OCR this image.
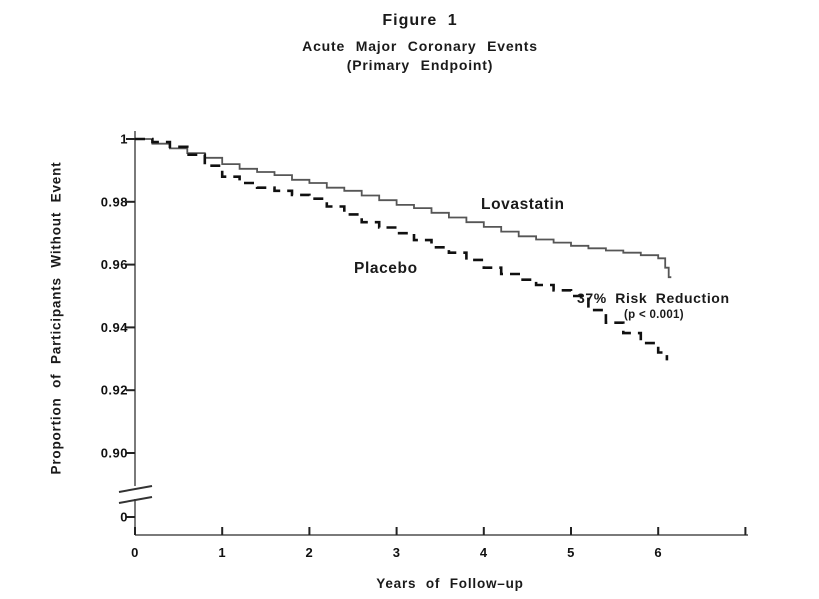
Figure 1
Acute Major Coronary Events
(Primary Endpoint)
Proportion of Participants Without Event
Years of Follow–up
1
0.98
0.96
0.94
0.92
0.90
0
0	1	2	3	4	5	6
Lovastatin
Placebo
37% Risk Reduction
(p < 0.001)
